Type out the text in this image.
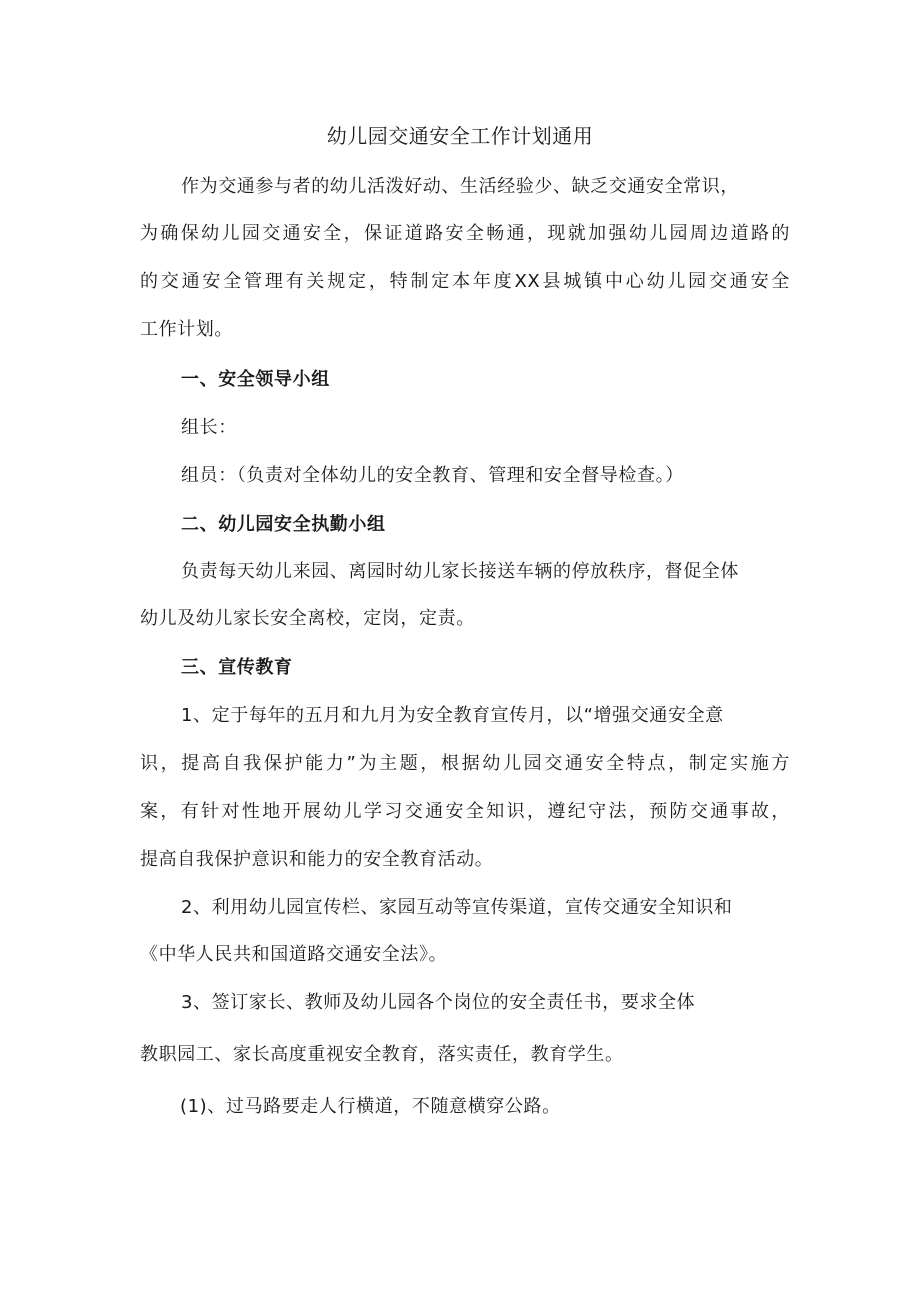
幼儿园交通安全工作计划通用

作为交通参与者的幼儿活泼好动、生活经验少、缺乏交通安全常识，

为确保幼儿园交通安全，保证道路安全畅通，现就加强幼儿园周边道路的

的交通安全管理有关规定，特制定本年度XX县城镇中心幼儿园交通安全

工作计划。

一、安全领导小组

组长：

组员：（负责对全体幼儿的安全教育、管理和安全督导检查。）

二、幼儿园安全执勤小组

负责每天幼儿来园、离园时幼儿家长接送车辆的停放秩序，督促全体

幼儿及幼儿家长安全离校，定岗，定责。

三、宣传教育

1、定于每年的五月和九月为安全教育宣传月，以“增强交通安全意

识，提高自我保护能力”为主题，根据幼儿园交通安全特点，制定实施方

案，有针对性地开展幼儿学习交通安全知识，遵纪守法，预防交通事故，

提高自我保护意识和能力的安全教育活动。

2、利用幼儿园宣传栏、家园互动等宣传渠道，宣传交通安全知识和

《中华人民共和国道路交通安全法》。

3、签订家长、教师及幼儿园各个岗位的安全责任书，要求全体

教职园工、家长高度重视安全教育，落实责任，教育学生。

(1)、过马路要走人行横道，不随意横穿公路。
